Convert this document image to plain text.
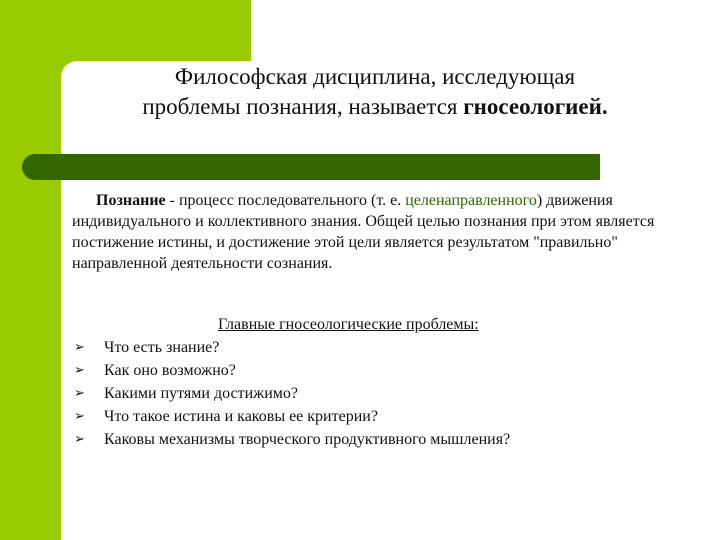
Философская дисциплина, исследующая
проблемы познания, называется гносеологией.
Познание - процесс последовательного (т. е. целенаправленного) движения индивидуального и коллективного знания. Общей целью познания при этом является постижение истины, и достижение этой цели является результатом "правильно" направленной деятельности сознания.
Главные гносеологические проблемы:
➢ Что есть знание?
➢ Как оно возможно?
➢ Какими путями достижимо?
➢ Что такое истина и каковы ее критерии?
➢ Каковы механизмы творческого продуктивного мышления?
